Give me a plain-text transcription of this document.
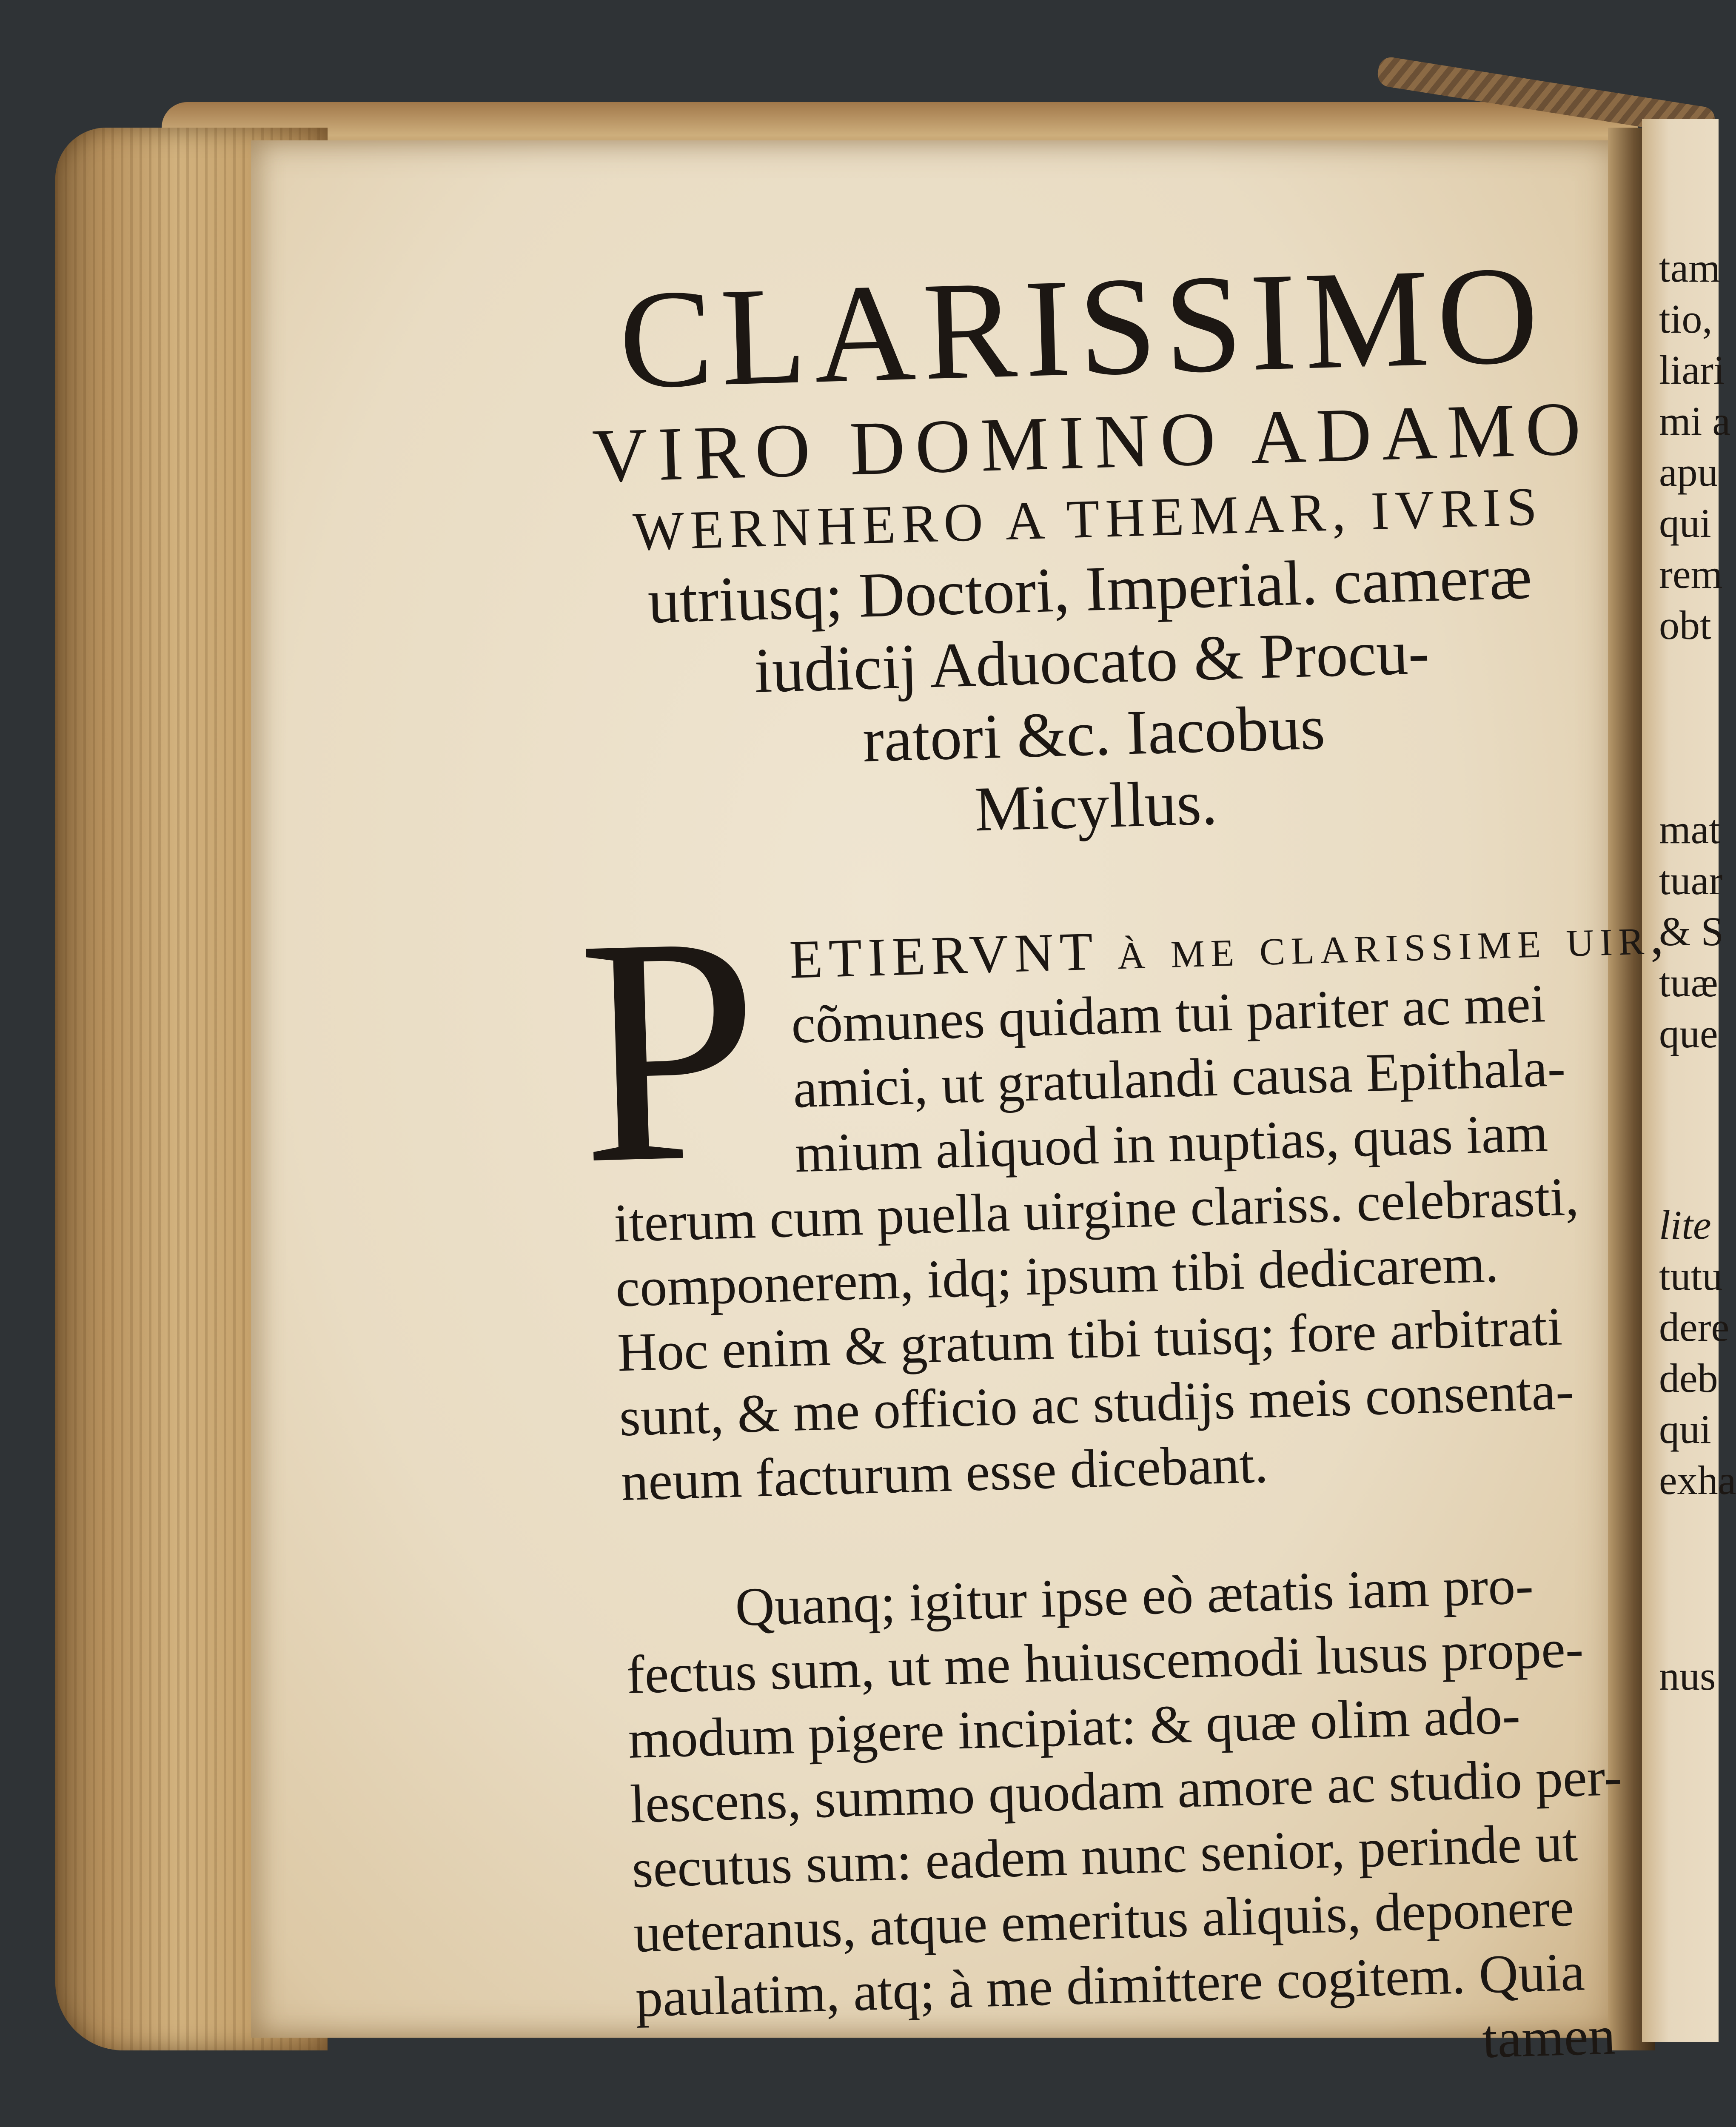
tam
tio,
liari
mi a
apu
qui
rem
obt
mat
tuar
& S
tuæ
que
lite
tutu
dere
deb
qui
exha
nus
CLARISSIMO
VIRO DOMINO ADAMO
WERNHERO A THEMAR, IVRIS
utriusq; Doctori, Imperial. cameræ
iudicij Aduocato & Procu-
ratori &c. Iacobus
Micyllus.
P ETIERVNT à me clarissime uir,
cõmunes quidam tui pariter ac mei
amici, ut gratulandi causa Epithala-
mium aliquod in nuptias, quas iam
iterum cum puella uirgine clariss. celebrasti,
componerem, idq; ipsum tibi dedicarem.
Hoc enim & gratum tibi tuisq; fore arbitrati
sunt, & me officio ac studijs meis consenta-
neum facturum esse dicebant.
Quanq; igitur ipse eò ætatis iam pro-
fectus sum, ut me huiuscemodi lusus prope-
modum pigere incipiat: & quæ olim ado-
lescens, summo quodam amore ac studio per-
secutus sum: eadem nunc senior, perinde ut
ueteranus, atque emeritus aliquis, deponere
paulatim, atq; à me dimittere cogitem. Quia
tamen
